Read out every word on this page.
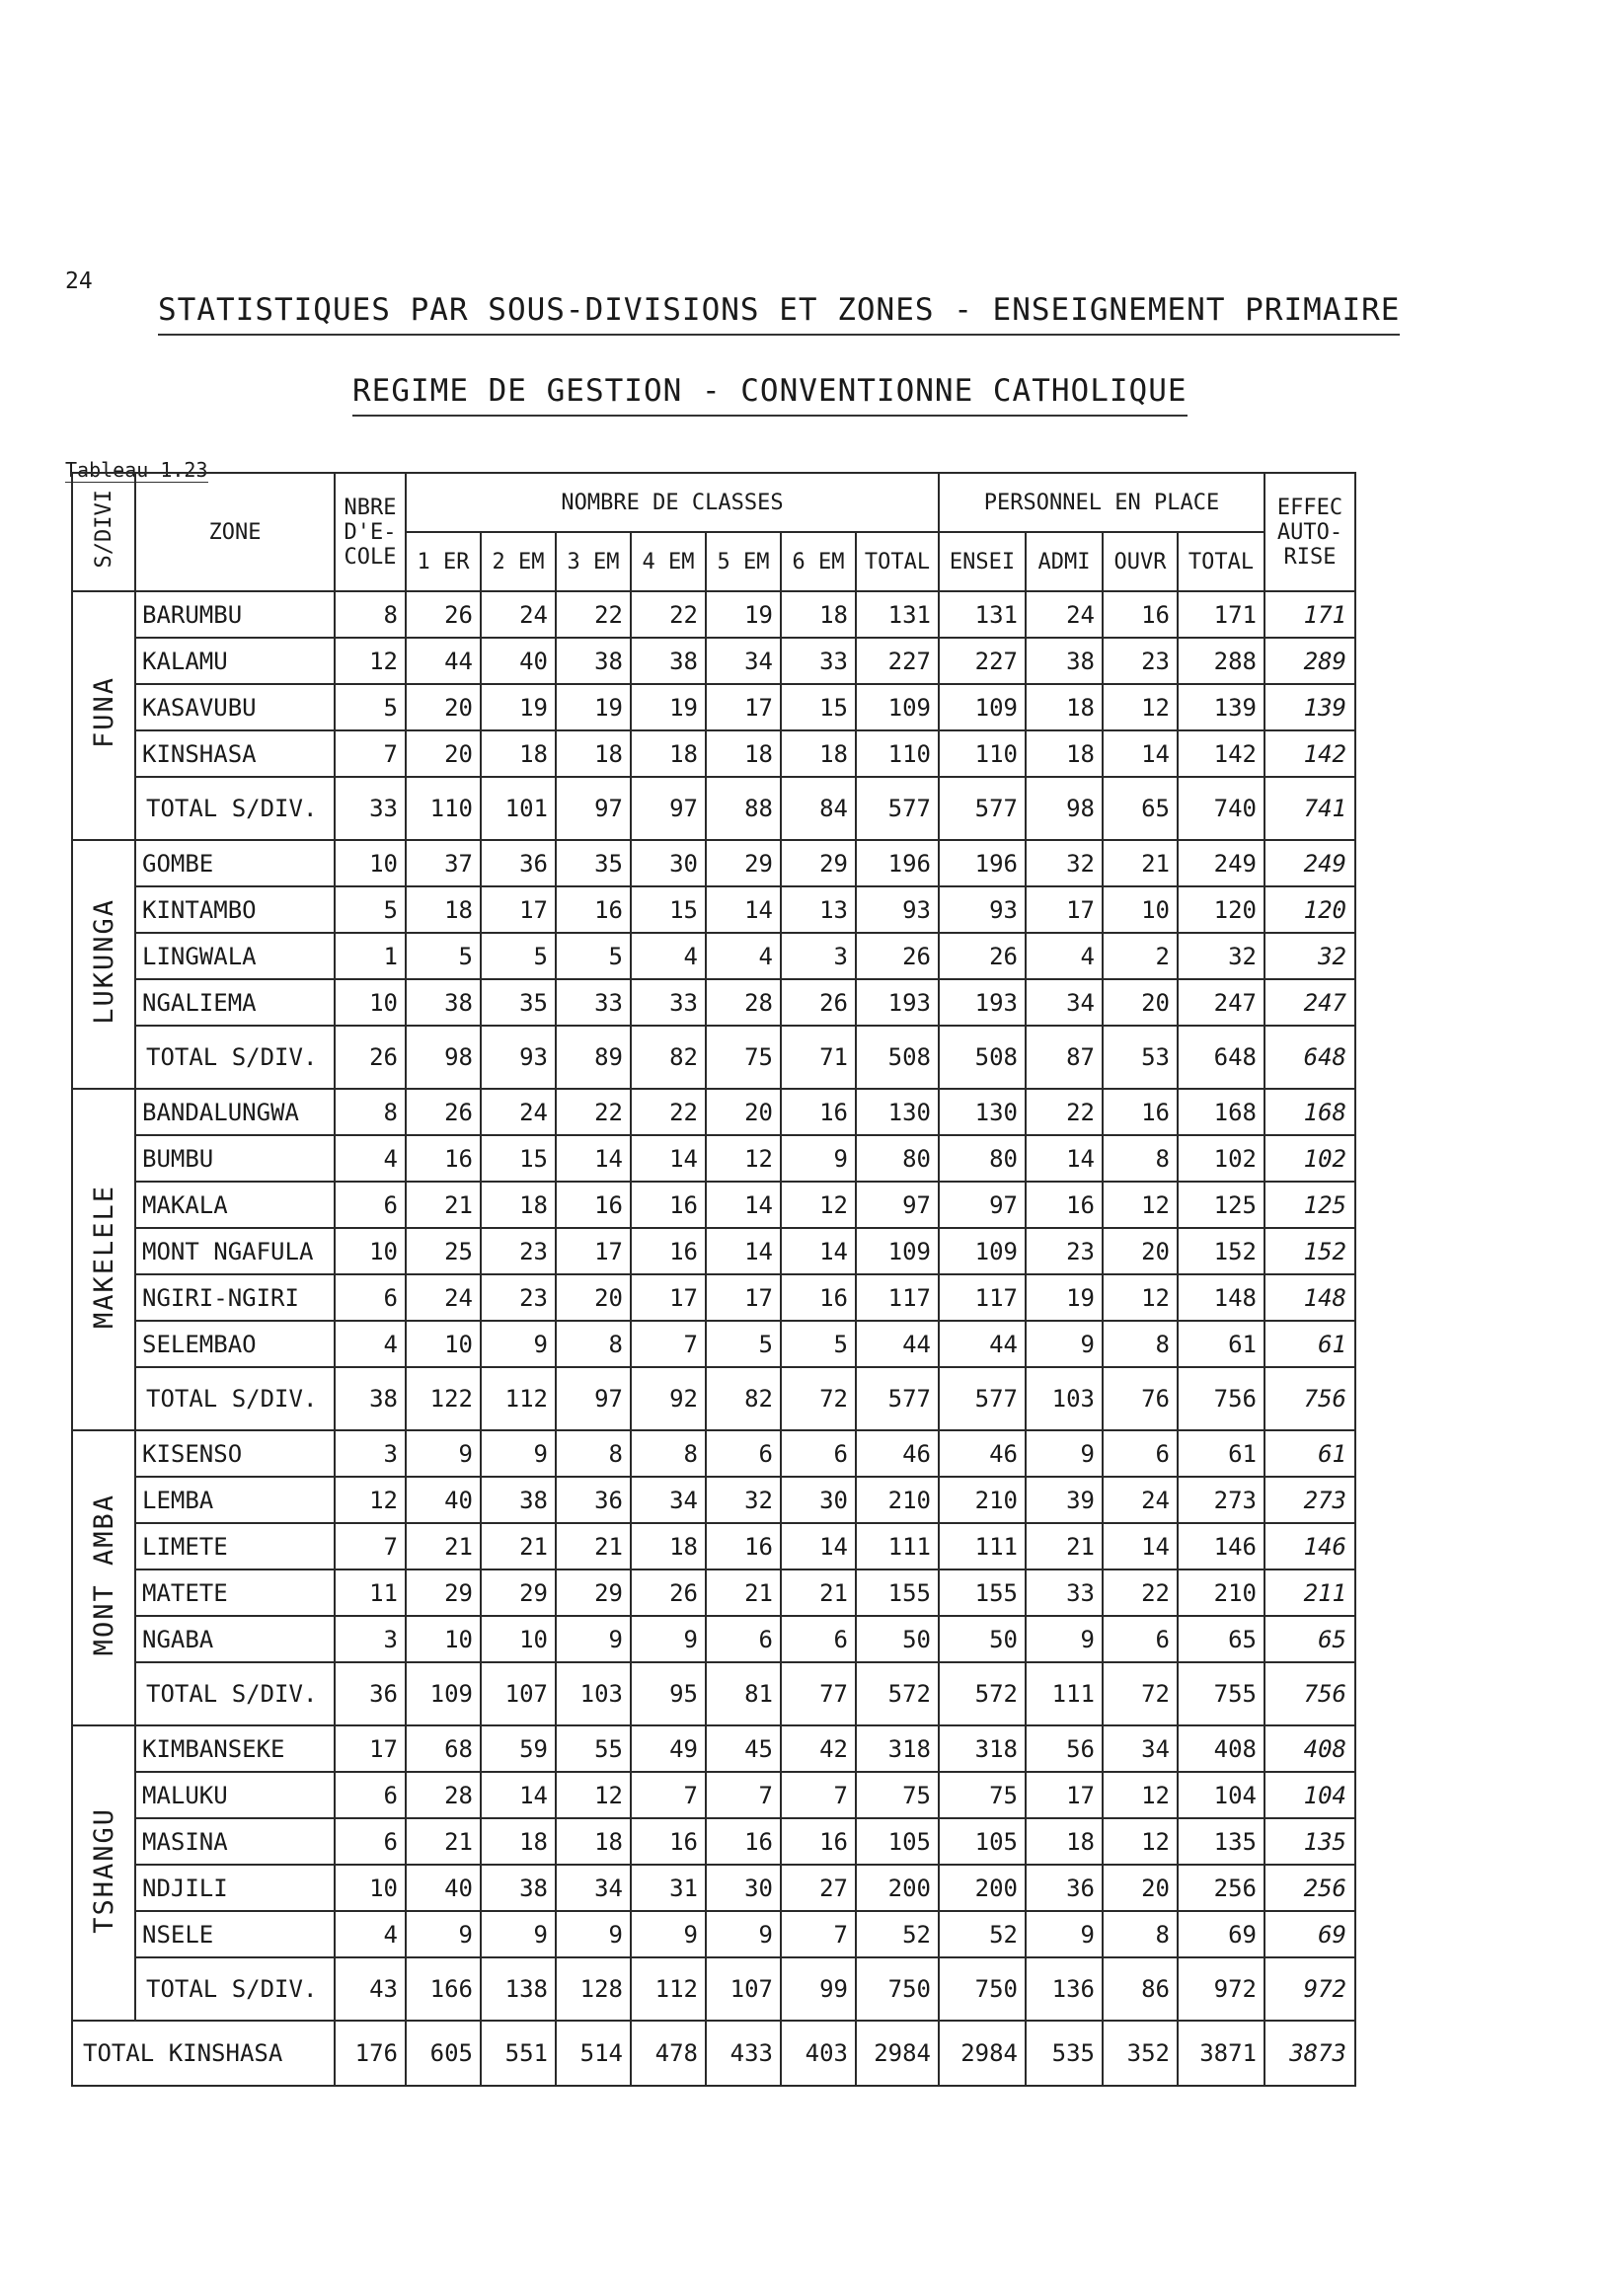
24
STATISTIQUES PAR SOUS-DIVISIONS ET ZONES - ENSEIGNEMENT PRIMAIRE
REGIME DE GESTION - CONVENTIONNE CATHOLIQUE
Tableau 1.23
S/DIVI	ZONE	NBRE D'E- COLE	NOMBRE DE CLASSES							PERSONNEL EN PLACE				EFFEC AUTO- RISE
			1 ER	2 EM	3 EM	4 EM	5 EM	6 EM	TOTAL	ENSEI	ADMI	OUVR	TOTAL	
FUNA	BARUMBU	8	26	24	22	22	19	18	131	131	24	16	171	171
	KALAMU	12	44	40	38	38	34	33	227	227	38	23	288	289
	KASAVUBU	5	20	19	19	19	17	15	109	109	18	12	139	139
	KINSHASA	7	20	18	18	18	18	18	110	110	18	14	142	142
	TOTAL S/DIV.	33	110	101	97	97	88	84	577	577	98	65	740	741
LUKUNGA	GOMBE	10	37	36	35	30	29	29	196	196	32	21	249	249
	KINTAMBO	5	18	17	16	15	14	13	93	93	17	10	120	120
	LINGWALA	1	5	5	5	4	4	3	26	26	4	2	32	32
	NGALIEMA	10	38	35	33	33	28	26	193	193	34	20	247	247
	TOTAL S/DIV.	26	98	93	89	82	75	71	508	508	87	53	648	648
MAKELELE	BANDALUNGWA	8	26	24	22	22	20	16	130	130	22	16	168	168
	BUMBU	4	16	15	14	14	12	9	80	80	14	8	102	102
	MAKALA	6	21	18	16	16	14	12	97	97	16	12	125	125
	MONT NGAFULA	10	25	23	17	16	14	14	109	109	23	20	152	152
	NGIRI-NGIRI	6	24	23	20	17	17	16	117	117	19	12	148	148
	SELEMBAO	4	10	9	8	7	5	5	44	44	9	8	61	61
	TOTAL S/DIV.	38	122	112	97	92	82	72	577	577	103	76	756	756
MONT AMBA	KISENSO	3	9	9	8	8	6	6	46	46	9	6	61	61
	LEMBA	12	40	38	36	34	32	30	210	210	39	24	273	273
	LIMETE	7	21	21	21	18	16	14	111	111	21	14	146	146
	MATETE	11	29	29	29	26	21	21	155	155	33	22	210	211
	NGABA	3	10	10	9	9	6	6	50	50	9	6	65	65
	TOTAL S/DIV.	36	109	107	103	95	81	77	572	572	111	72	755	756
TSHANGU	KIMBANSEKE	17	68	59	55	49	45	42	318	318	56	34	408	408
	MALUKU	6	28	14	12	7	7	7	75	75	17	12	104	104
	MASINA	6	21	18	18	16	16	16	105	105	18	12	135	135
	NDJILI	10	40	38	34	31	30	27	200	200	36	20	256	256
	NSELE	4	9	9	9	9	9	7	52	52	9	8	69	69
	TOTAL S/DIV.	43	166	138	128	112	107	99	750	750	136	86	972	972
TOTAL KINSHASA		176	605	551	514	478	433	403	2984	2984	535	352	3871	3873
